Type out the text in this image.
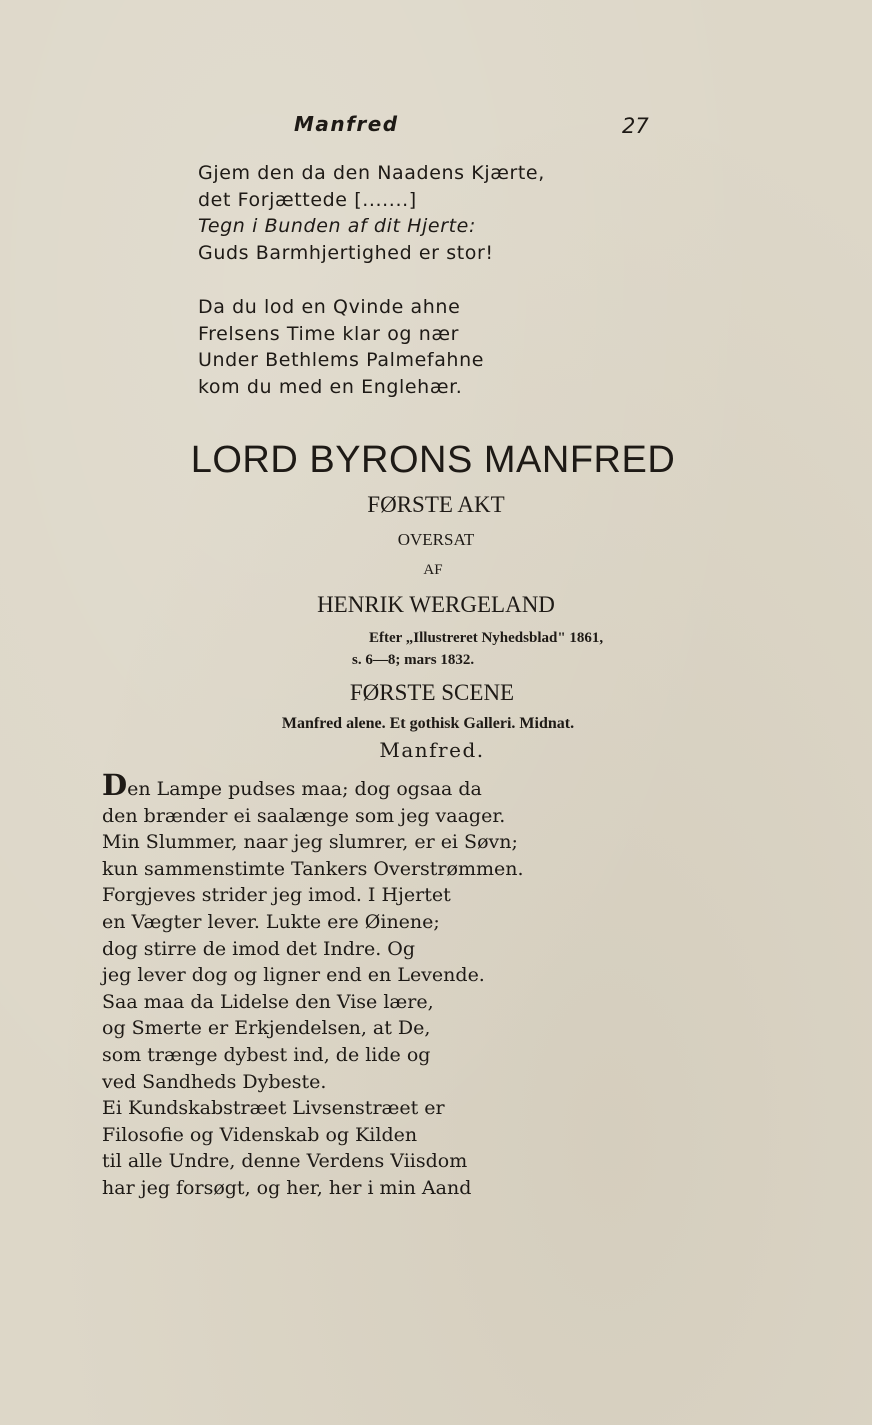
Manfred	27
Gjem den da den Naadens Kjærte,
det Forjættede [.......]
Tegn i Bunden af dit Hjerte:
Guds Barmhjertighed er stor!
Da du lod en Qvinde ahne
Frelsens Time klar og nær
Under Bethlems Palmefahne
kom du med en Englehær.
LORD BYRONS MANFRED
FØRSTE AKT
OVERSAT
AF
HENRIK WERGELAND
Efter „Illustreret Nyhedsblad" 1861,
s. 6—8; mars 1832.
FØRSTE SCENE
Manfred alene. Et gothisk Galleri. Midnat.
Manfred.
Den Lampe pudses maa; dog ogsaa da
den brænder ei saalænge som jeg vaager.
Min Slummer, naar jeg slumrer, er ei Søvn;
kun sammenstimte Tankers Overstrømmen.
Forgjeves strider jeg imod. I Hjertet
en Vægter lever. Lukte ere Øinene;
dog stirre de imod det Indre. Og
jeg lever dog og ligner end en Levende.
Saa maa da Lidelse den Vise lære,
og Smerte er Erkjendelsen, at De,
som trænge dybest ind, de lide og
ved Sandheds Dybeste.
Ei Kundskabstræet Livsenstræet er
Filosofie og Videnskab og Kilden
til alle Undre, denne Verdens Viisdom
har jeg forsøgt, og her, her i min Aand
